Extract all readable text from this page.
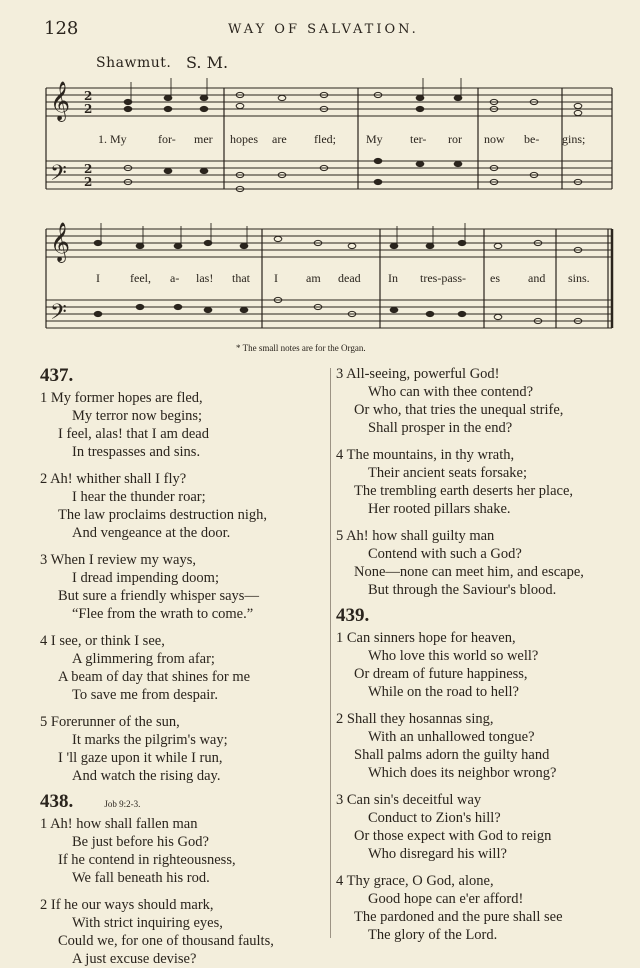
128	WAY OF SALVATION.
Shawmut. S. M.
𝄞
𝄢
𝄞
𝄢
2
2
2
2
1. My	for- mer hopes are fled;	My ter- ror now be- gins;
I	feel, a- las! that I am dead In tres-pass- es and sins.
* The small notes are for the Organ.
437.
1 My former hopes are fled,
My terror now begins;
I feel, alas! that I am dead
In trespasses and sins.
2 Ah! whither shall I fly?
I hear the thunder roar;
The law proclaims destruction nigh,
And vengeance at the door.
3 When I review my ways,
I dread impending doom;
But sure a friendly whisper says—
“Flee from the wrath to come.”
4 I see, or think I see,
A glimmering from afar;
A beam of day that shines for me
To save me from despair.
5 Forerunner of the sun,
It marks the pilgrim's way;
I 'll gaze upon it while I run,
And watch the rising day.
438.	Job 9:2-3.
1 Ah! how shall fallen man
Be just before his God?
If he contend in righteousness,
We fall beneath his rod.
2 If he our ways should mark,
With strict inquiring eyes,
Could we, for one of thousand faults,
A just excuse devise?
3 All-seeing, powerful God!
Who can with thee contend?
Or who, that tries the unequal strife,
Shall prosper in the end?
4 The mountains, in thy wrath,
Their ancient seats forsake;
The trembling earth deserts her place,
Her rooted pillars shake.
5 Ah! how shall guilty man
Contend with such a God?
None—none can meet him, and escape,
But through the Saviour's blood.
439.
1 Can sinners hope for heaven,
Who love this world so well?
Or dream of future happiness,
While on the road to hell?
2 Shall they hosannas sing,
With an unhallowed tongue?
Shall palms adorn the guilty hand
Which does its neighbor wrong?
3 Can sin's deceitful way
Conduct to Zion's hill?
Or those expect with God to reign
Who disregard his will?
4 Thy grace, O God, alone,
Good hope can e'er afford!
The pardoned and the pure shall see
The glory of the Lord.
